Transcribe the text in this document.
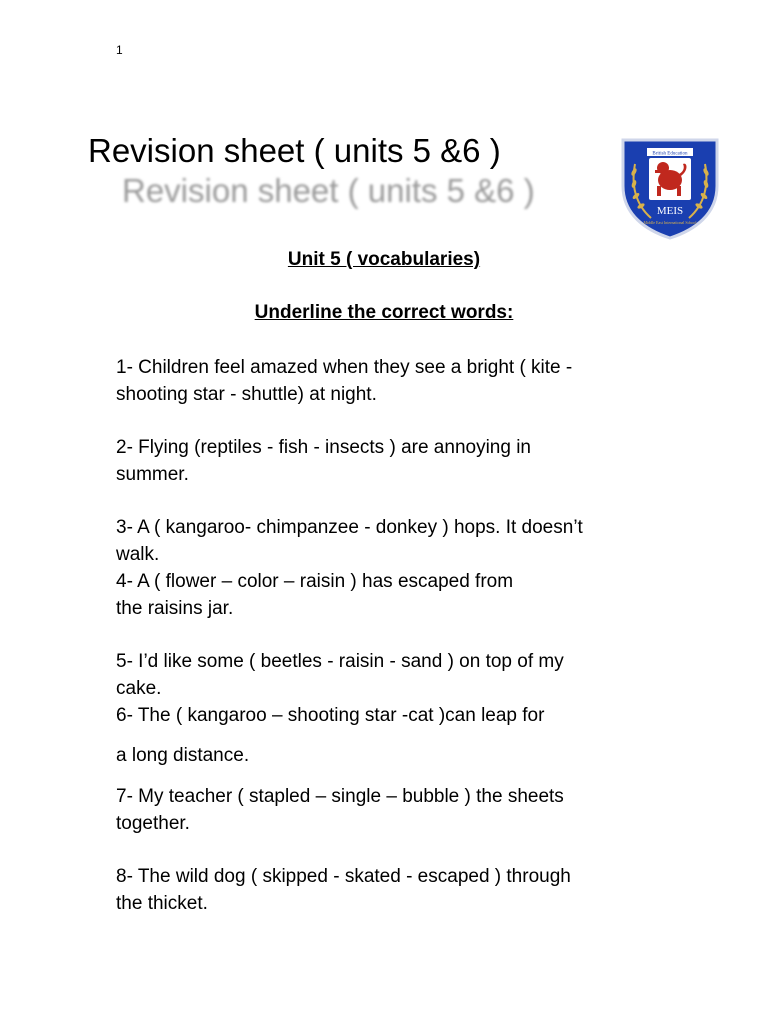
1
Revision sheet ( units 5 &6 )
Revision sheet ( units 5 &6 )
British Education
MEIS
Middle East International School
Unit 5 ( vocabularies)
Underline the correct words:
1- Children feel amazed when they see a bright ( kite -
shooting star - shuttle) at night.
2- Flying (reptiles - fish - insects ) are annoying in
summer.
3- A ( kangaroo- chimpanzee - donkey ) hops. It doesn’t
walk.
4- A ( flower – color – raisin ) has escaped from
the raisins jar.
5- I’d like some ( beetles - raisin - sand ) on top of my
cake.
6- The ( kangaroo – shooting star -cat )can leap for
a long distance.
7- My teacher ( stapled – single – bubble ) the sheets
together.
8- The wild dog ( skipped - skated - escaped ) through
the thicket.
